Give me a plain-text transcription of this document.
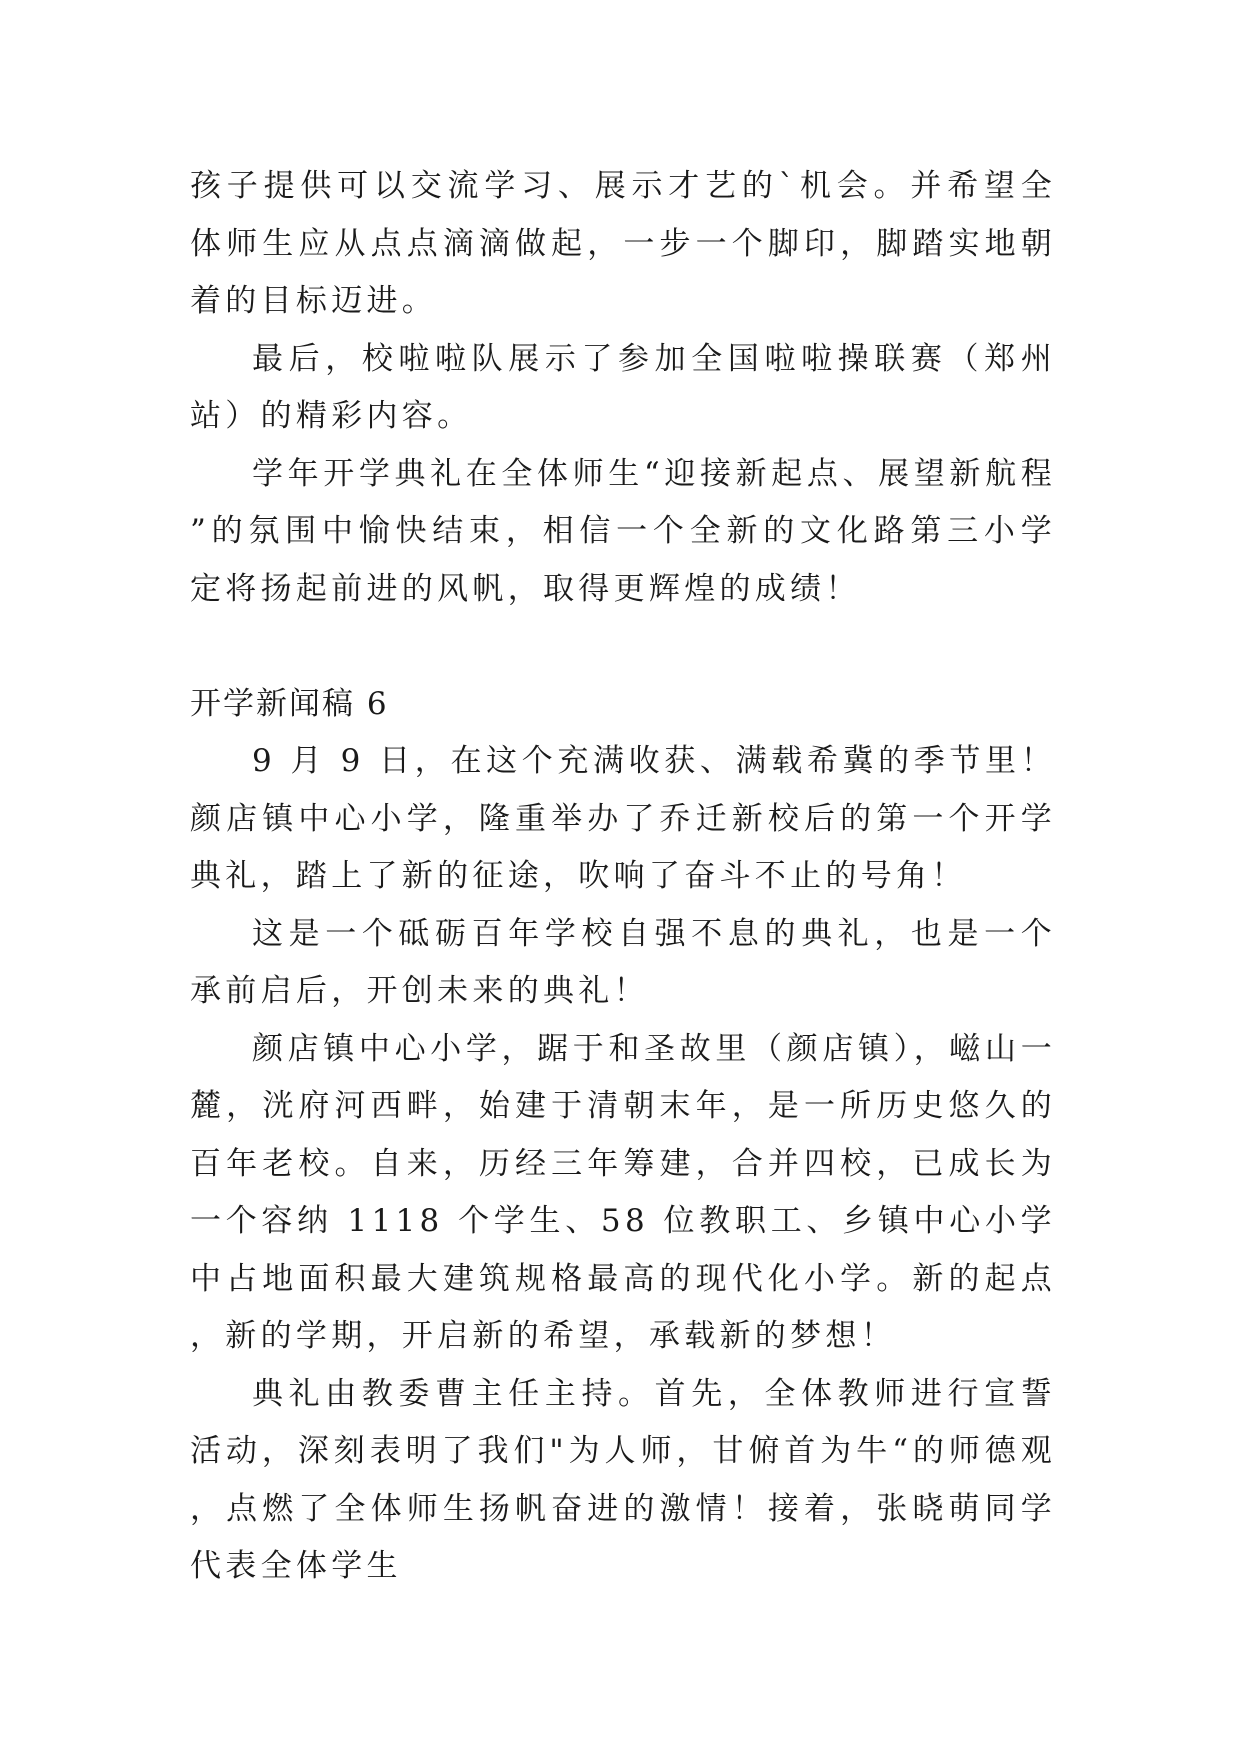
孩子提供可以交流学习、展示才艺的`机会。并希望全体师生应从点点滴滴做起，一步一个脚印，脚踏实地朝着的目标迈进。

最后，校啦啦队展示了参加全国啦啦操联赛（郑州站）的精彩内容。

学年开学典礼在全体师生“迎接新起点、展望新航程”的氛围中愉快结束，相信一个全新的文化路第三小学定将扬起前进的风帆，取得更辉煌的成绩！

开学新闻稿 6

9 月 9 日，在这个充满收获、满载希冀的季节里！颜店镇中心小学，隆重举办了乔迁新校后的第一个开学典礼，踏上了新的征途，吹响了奋斗不止的号角！

这是一个砥砺百年学校自强不息的典礼，也是一个承前启后，开创未来的典礼！

颜店镇中心小学，踞于和圣故里（颜店镇），嵫山一麓，洸府河西畔，始建于清朝末年，是一所历史悠久的百年老校。自来，历经三年筹建，合并四校，已成长为一个容纳 1118 个学生、58 位教职工、乡镇中心小学中占地面积最大建筑规格最高的现代化小学。新的起点，新的学期，开启新的希望，承载新的梦想！

典礼由教委曹主任主持。首先，全体教师进行宣誓活动，深刻表明了我们"为人师，甘俯首为牛“的师德观，点燃了全体师生扬帆奋进的激情！接着，张晓萌同学代表全体学生
